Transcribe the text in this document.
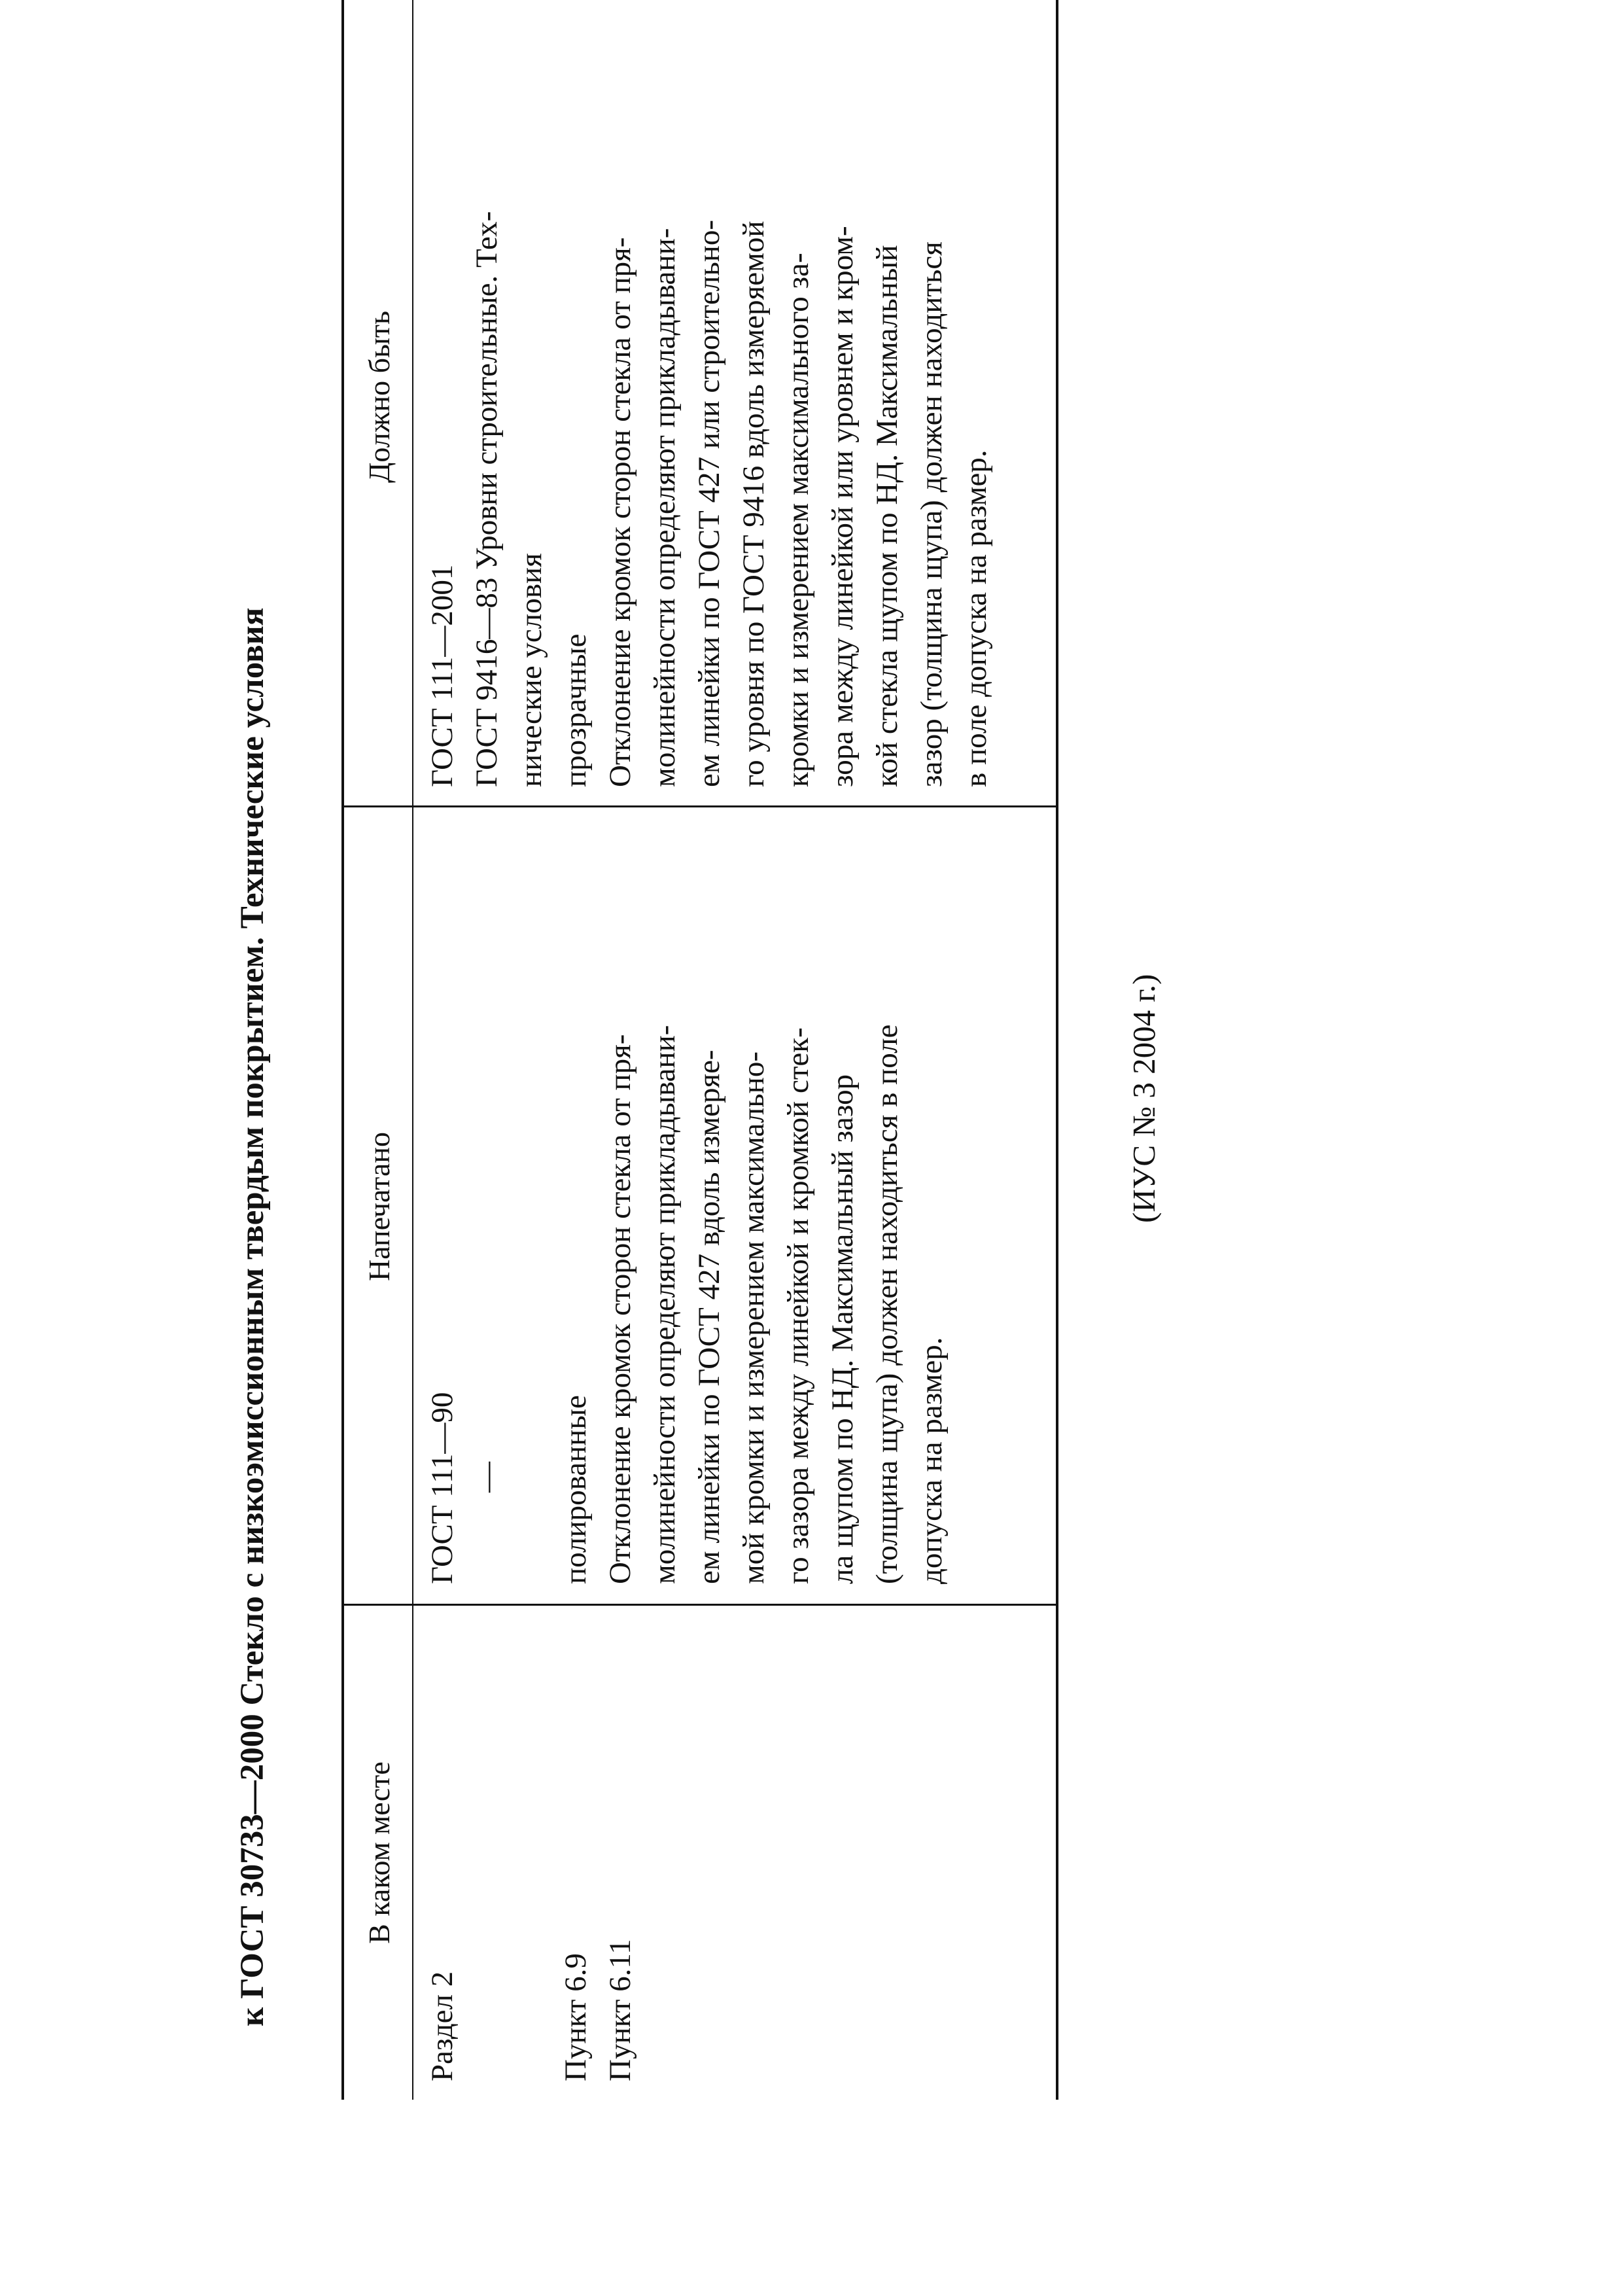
к ГОСТ 30733—2000 Стекло с низкоэмиссионным твердым покрытием. Технические условия	В каком месте
Напечатано
Должно быть
Раздел 2	Пункт 6.9 Пункт 6.11
ГОСТ 111—90 — полированные Отклонение кромок сторон стекла от пря- молинейности определяют прикладывани- ем линейки по ГОСТ 427 вдоль измеряе- мой кромки и измерением максимально- го зазора между линейкой и кромкой стек- ла щупом по НД. Максимальный зазор (толщина щупа) должен находиться в поле допуска на размер.
ГОСТ 111—2001 ГОСТ 9416—83 Уровни строительные. Тех- нические условия прозрачные Отклонение кромок сторон стекла от пря- молинейности определяют прикладывани- ем линейки по ГОСТ 427 или строительно- го уровня по ГОСТ 9416 вдоль измеряемой кромки и измерением максимального за- зора между линейкой или уровнем и кром- кой стекла щупом по НД. Максимальный зазор (толщина щупа) должен находиться в поле допуска на размер.
(ИУС № 3 2004 г.)
